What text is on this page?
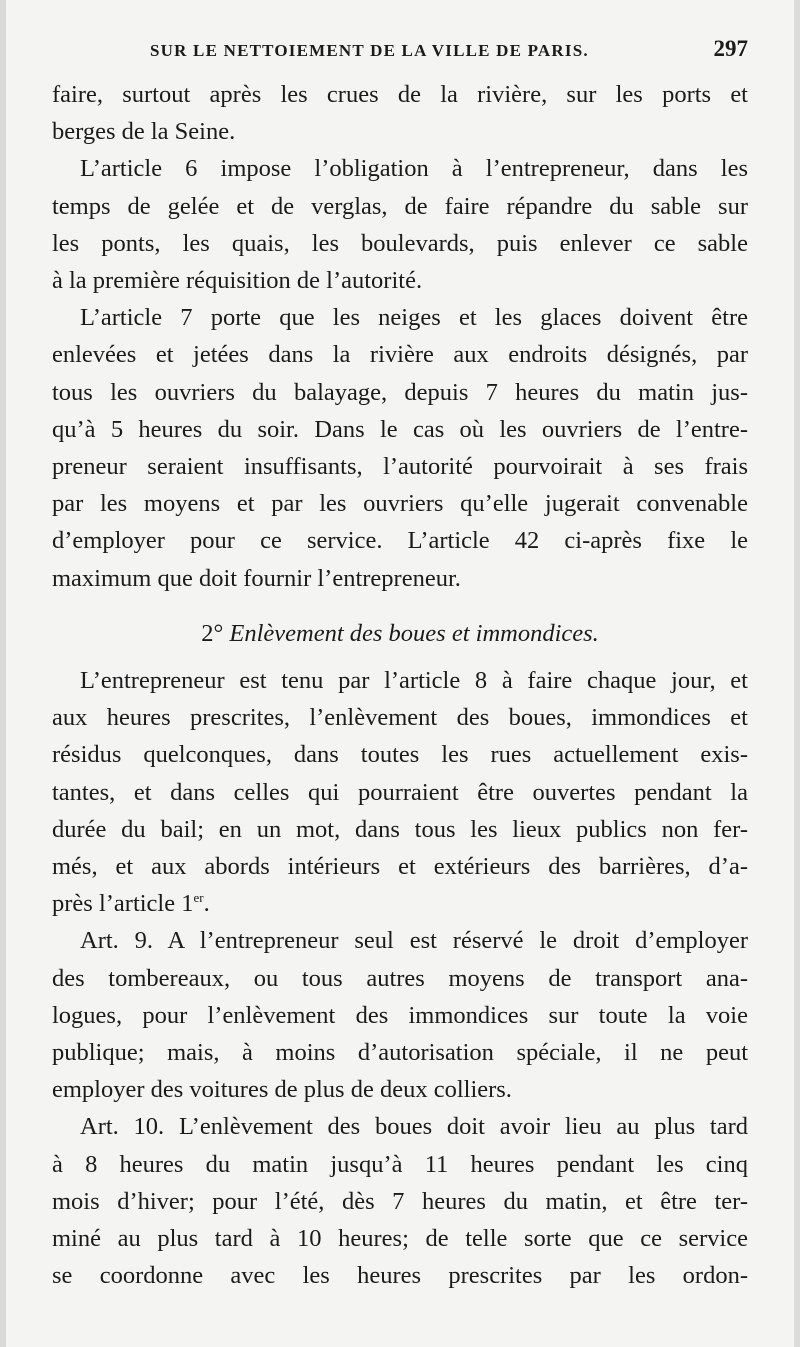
SUR LE NETTOIEMENT DE LA VILLE DE PARIS.	297
faire, surtout après les crues de la rivière, sur les ports et
berges de la Seine.
L’article 6 impose l’obligation à l’entrepreneur, dans les
temps de gelée et de verglas, de faire répandre du sable sur
les ponts, les quais, les boulevards, puis enlever ce sable
à la première réquisition de l’autorité.
L’article 7 porte que les neiges et les glaces doivent être
enlevées et jetées dans la rivière aux endroits désignés, par
tous les ouvriers du balayage, depuis 7 heures du matin jus-
qu’à 5 heures du soir. Dans le cas où les ouvriers de l’entre-
preneur seraient insuffisants, l’autorité pourvoirait à ses frais
par les moyens et par les ouvriers qu’elle jugerait convenable
d’employer pour ce service. L’article 42 ci-après fixe le
maximum que doit fournir l’entrepreneur.
2° Enlèvement des boues et immondices.
L’entrepreneur est tenu par l’article 8 à faire chaque jour, et
aux heures prescrites, l’enlèvement des boues, immondices et
résidus quelconques, dans toutes les rues actuellement exis-
tantes, et dans celles qui pourraient être ouvertes pendant la
durée du bail; en un mot, dans tous les lieux publics non fer-
més, et aux abords intérieurs et extérieurs des barrières, d’a-
près l’article 1er.
Art. 9. A l’entrepreneur seul est réservé le droit d’employer
des tombereaux, ou tous autres moyens de transport ana-
logues, pour l’enlèvement des immondices sur toute la voie
publique; mais, à moins d’autorisation spéciale, il ne peut
employer des voitures de plus de deux colliers.
Art. 10. L’enlèvement des boues doit avoir lieu au plus tard
à 8 heures du matin jusqu’à 11 heures pendant les cinq
mois d’hiver; pour l’été, dès 7 heures du matin, et être ter-
miné au plus tard à 10 heures; de telle sorte que ce service
se coordonne avec les heures prescrites par les ordon-
